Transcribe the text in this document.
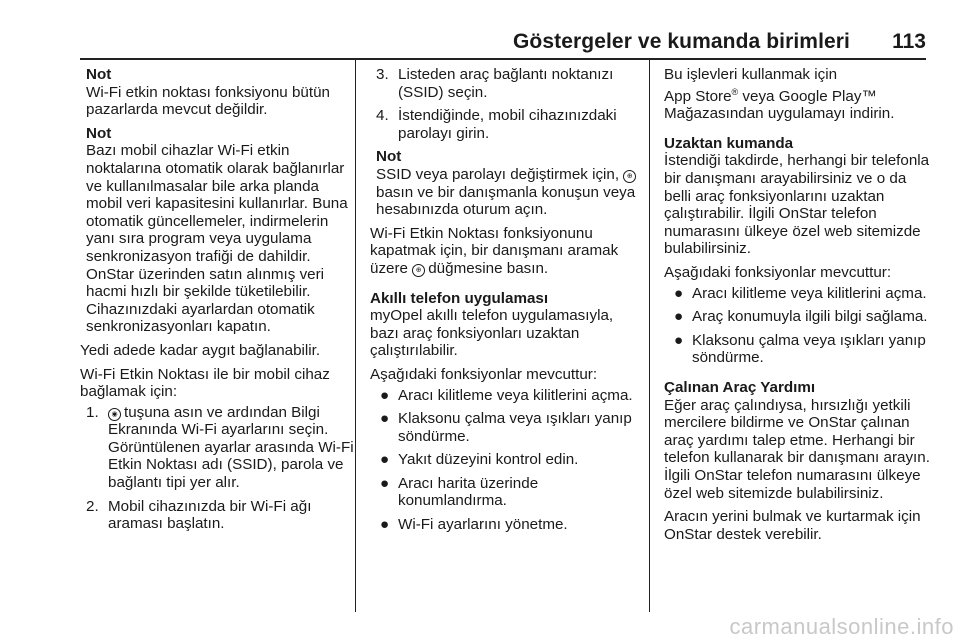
Göstergeler ve kumanda birimleri 113

Not

Wi-Fi etkin noktası fonksiyonu bütün pazarlarda mevcut değildir.

Not

Bazı mobil cihazlar Wi-Fi etkin noktalarına otomatik olarak bağlanırlar ve kullanılmasalar bile arka planda mobil veri kapasitesini kullanırlar. Buna otomatik güncellemeler, indirmelerin yanı sıra program veya uygulama senkronizasyon trafiği de dahildir.

OnStar üzerinden satın alınmış veri hacmi hızlı bir şekilde tüketilebilir.

Cihazınızdaki ayarlardan otomatik senkronizasyonları kapatın.

Yedi adede kadar aygıt bağlanabilir.

Wi-Fi Etkin Noktası ile bir mobil cihaz bağlamak için:

1. ◉ tuşuna asın ve ardından Bilgi Ekranında Wi-Fi ayarlarını seçin. Görüntülenen ayarlar arasında Wi-Fi Etkin Noktası adı (SSID), parola ve bağlantı tipi yer alır.
2. Mobil cihazınızda bir Wi-Fi ağı araması başlatın.
3. Listeden araç bağlantı noktanızı (SSID) seçin.
4. İstendiğinde, mobil cihazınızdaki parolayı girin.

Not

SSID veya parolayı değiştirmek için, ⊕basın ve bir danışmanla konuşun veya hesabınızda oturum açın.

Wi-Fi Etkin Noktası fonksiyonunu kapatmak için, bir danışmanı aramak üzere ⊕ düğmesine basın.

Akıllı telefon uygulaması

myOpel akıllı telefon uygulamasıyla, bazı araç fonksiyonları uzaktan çalıştırılabilir.

Aşağıdaki fonksiyonlar mevcuttur:

● Aracı kilitleme veya kilitlerini açma.
● Klaksonu çalma veya ışıkları yanıp söndürme.
● Yakıt düzeyini kontrol edin.
● Aracı harita üzerinde konumlandırma.
● Wi-Fi ayarlarını yönetme.

Bu işlevleri kullanmak için
App Store® veya Google Play™
Mağazasından uygulamayı indirin.

Uzaktan kumanda

İstendiği takdirde, herhangi bir telefonla bir danışmanı arayabilirsiniz ve o da belli araç fonksiyonlarını uzaktan çalıştırabilir. İlgili OnStar telefon numarasını ülkeye özel web sitemizde bulabilirsiniz.

Aşağıdaki fonksiyonlar mevcuttur:

● Aracı kilitleme veya kilitlerini açma.
● Araç konumuyla ilgili bilgi sağlama.
● Klaksonu çalma veya ışıkları yanıp söndürme.

Çalınan Araç Yardımı

Eğer araç çalındıysa, hırsızlığı yetkili mercilere bildirme ve OnStar çalınan araç yardımı talep etme. Herhangi bir telefon kullanarak bir danışmanı arayın. İlgili OnStar telefon numarasını ülkeye özel web sitemizde bulabilirsiniz.

Aracın yerini bulmak ve kurtarmak için OnStar destek verebilir.

carmanualsonline.info
